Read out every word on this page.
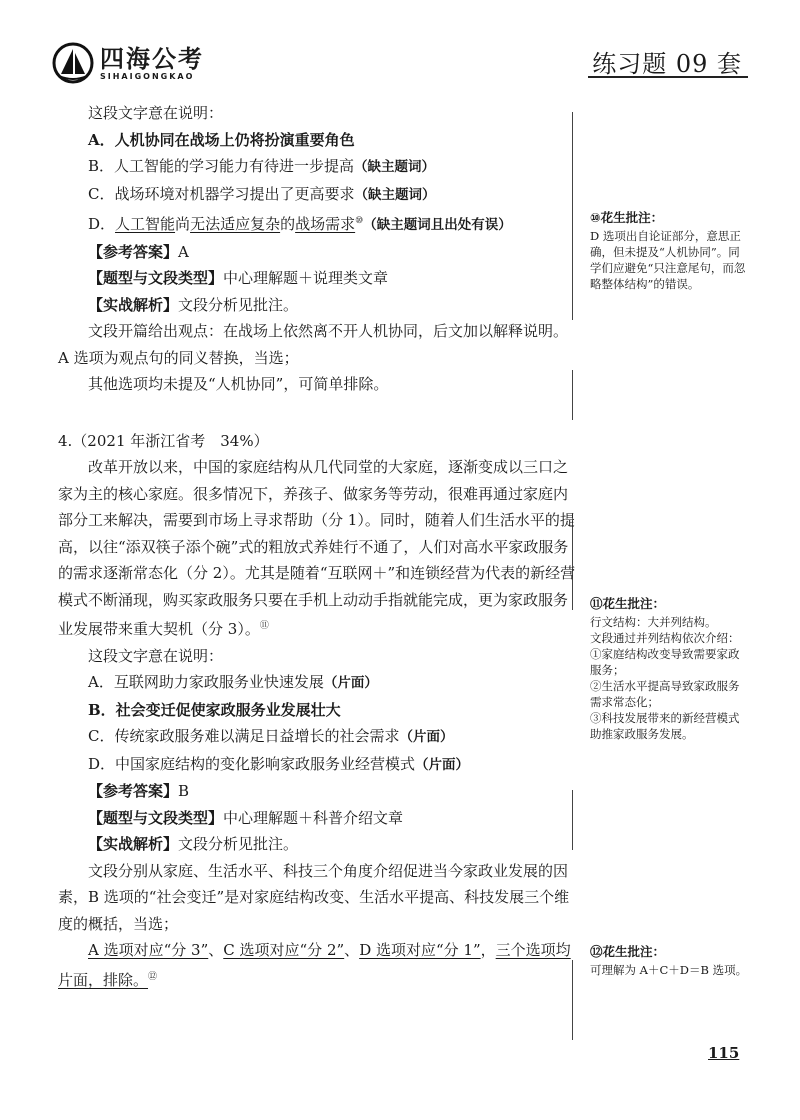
四海公考
SIHAIGONGKAO	练习题 09 套

这段文字意在说明：

A．人机协同在战场上仍将扮演重要角色

B．人工智能的学习能力有待进一步提高（缺主题词）

C．战场环境对机器学习提出了更高要求（缺主题词）

D．人工智能尚无法适应复杂的战场需求⑩（缺主题词且出处有误）

【参考答案】A

【题型与文段类型】中心理解题＋说理类文章

【实战解析】文段分析见批注。

文段开篇给出观点：在战场上依然离不开人机协同，后文加以解释说明。

A 选项为观点句的同义替换，当选；

其他选项均未提及“人机协同”，可简单排除。

4.（2021 年浙江省考　34%）

改革开放以来，中国的家庭结构从几代同堂的大家庭，逐渐变成以三口之家为主的核心家庭。很多情况下，养孩子、做家务等劳动，很难再通过家庭内部分工来解决，需要到市场上寻求帮助（分 1）。同时，随着人们生活水平的提高，以往“添双筷子添个碗”式的粗放式养娃行不通了，人们对高水平家政服务的需求逐渐常态化（分 2）。尤其是随着“互联网＋”和连锁经营为代表的新经营模式不断涌现，购买家政服务只要在手机上动动手指就能完成，更为家政服务业发展带来重大契机（分 3）。⑪

这段文字意在说明：

A．互联网助力家政服务业快速发展（片面）

B．社会变迁促使家政服务业发展壮大

C．传统家政服务难以满足日益增长的社会需求（片面）

D．中国家庭结构的变化影响家政服务业经营模式（片面）

【参考答案】B

【题型与文段类型】中心理解题＋科普介绍文章

【实战解析】文段分析见批注。

文段分别从家庭、生活水平、科技三个角度介绍促进当今家政业发展的因素，B 选项的“社会变迁”是对家庭结构改变、生活水平提高、科技发展三个维度的概括，当选；

A 选项对应“分 3”、C 选项对应“分 2”、D 选项对应“分 1”，三个选项均片面，排除。⑫

⑩花生批注：

D 选项出自论证部分，意思正确，但未提及“人机协同”。同学们应避免“只注意尾句，而忽略整体结构”的错误。

⑪花生批注：

行文结构：大并列结构。

文段通过并列结构依次介绍：

①家庭结构改变导致需要家政服务；

②生活水平提高导致家政服务需求常态化；

③科技发展带来的新经营模式助推家政服务发展。

⑫花生批注：

可理解为 A＋C＋D＝B 选项。

115
